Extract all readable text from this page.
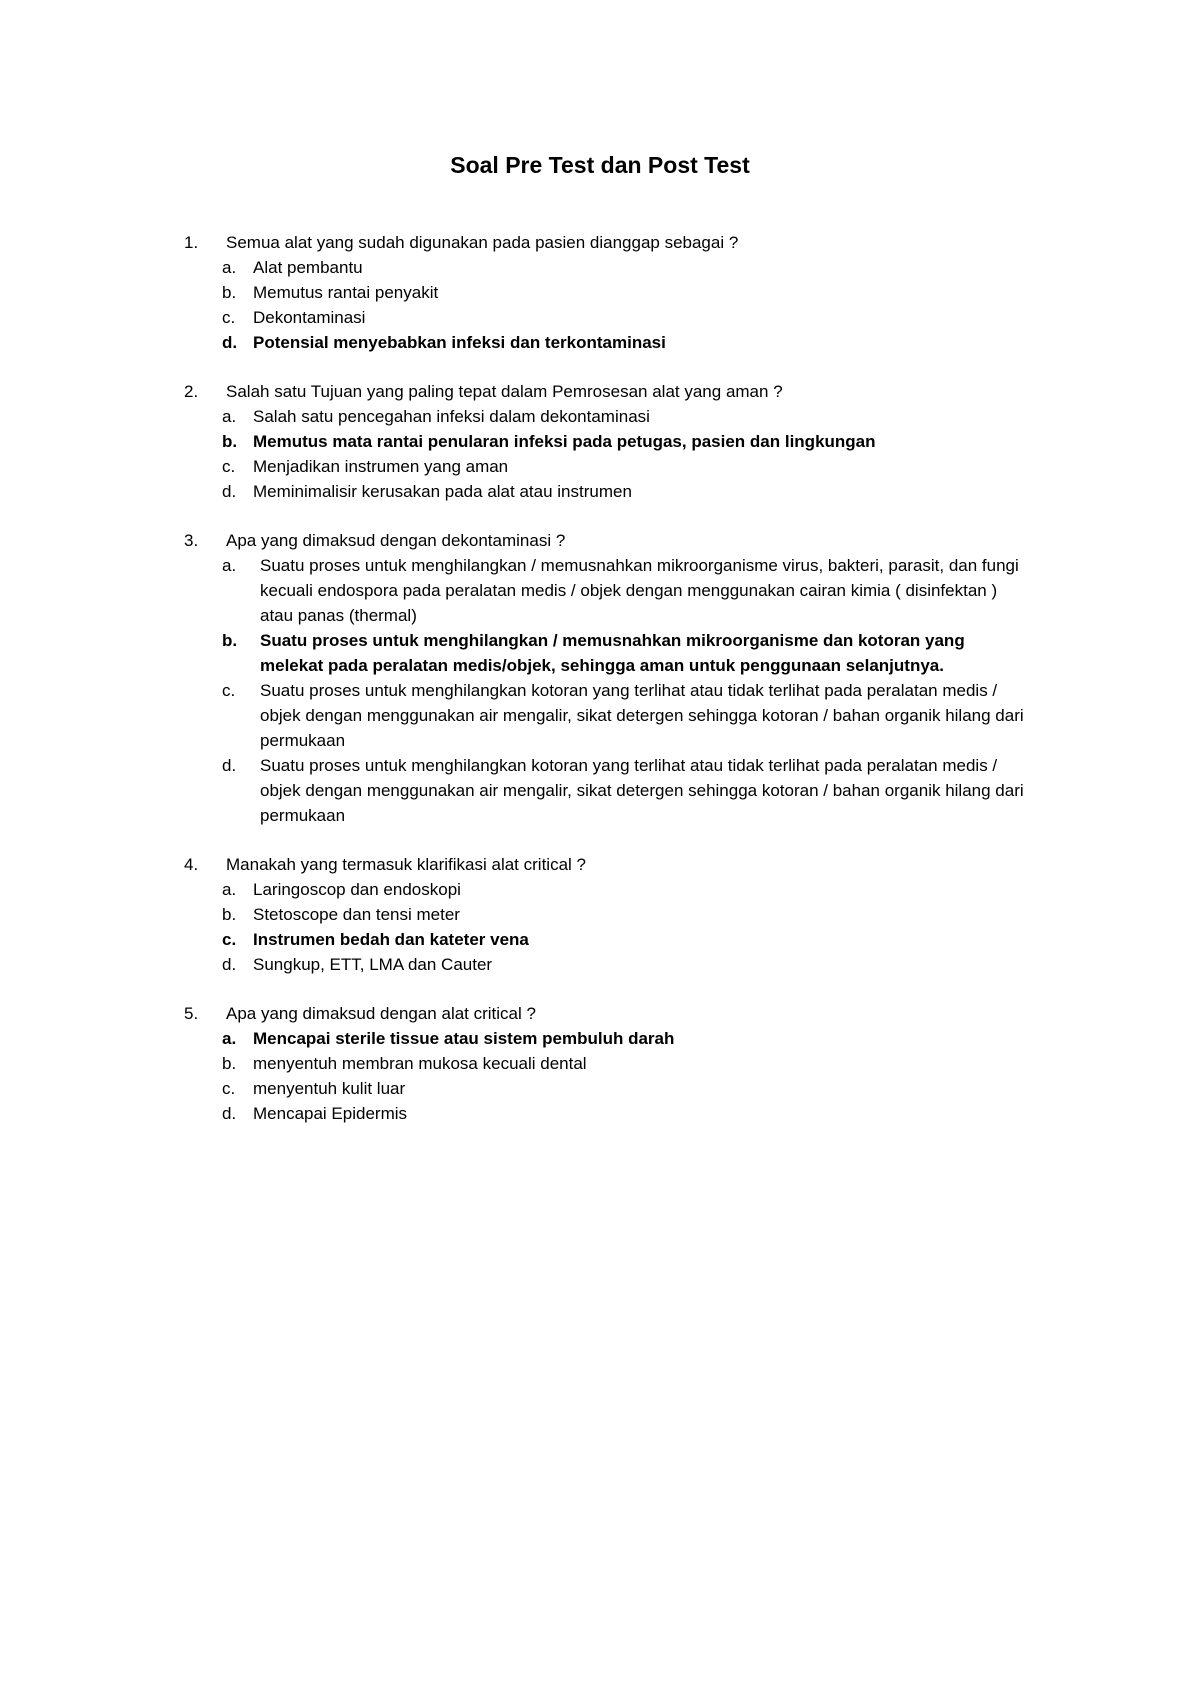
Soal Pre Test dan Post Test
1.	Semua alat yang sudah digunakan pada pasien dianggap sebagai ?
a. Alat pembantu
b. Memutus rantai penyakit
c.	Dekontaminasi
d. Potensial menyebabkan infeksi dan terkontaminasi
2.	Salah satu Tujuan yang paling tepat dalam Pemrosesan alat yang aman ?
a. Salah satu pencegahan infeksi dalam dekontaminasi
b. Memutus mata rantai penularan infeksi pada petugas, pasien dan lingkungan
c.	Menjadikan instrumen yang aman
d. Meminimalisir kerusakan pada alat atau instrumen
3.	Apa yang dimaksud dengan dekontaminasi ?
a.	Suatu proses untuk menghilangkan / memusnahkan mikroorganisme virus, bakteri, parasit, dan fungi kecuali endospora pada peralatan medis / objek dengan menggunakan cairan kimia ( disinfektan ) atau panas (thermal)
b.	Suatu proses untuk menghilangkan / memusnahkan mikroorganisme dan kotoran yang melekat pada peralatan medis/objek, sehingga aman untuk penggunaan selanjutnya.
c.	Suatu proses untuk menghilangkan kotoran yang terlihat atau tidak terlihat pada peralatan medis / objek dengan menggunakan air mengalir, sikat detergen sehingga kotoran / bahan organik hilang dari permukaan
d.	Suatu proses untuk menghilangkan kotoran yang terlihat atau tidak terlihat pada peralatan medis / objek dengan menggunakan air mengalir, sikat detergen sehingga kotoran / bahan organik hilang dari permukaan
4.	Manakah yang termasuk klarifikasi alat critical ?
a. Laringoscop dan endoskopi
b. Stetoscope dan tensi meter
c. Instrumen bedah dan kateter vena
d. Sungkup, ETT, LMA dan Cauter
5.	Apa yang dimaksud dengan alat critical ?
a. Mencapai sterile tissue atau sistem pembuluh darah
b. menyentuh membran mukosa kecuali dental
c.	menyentuh kulit luar
d. Mencapai Epidermis
